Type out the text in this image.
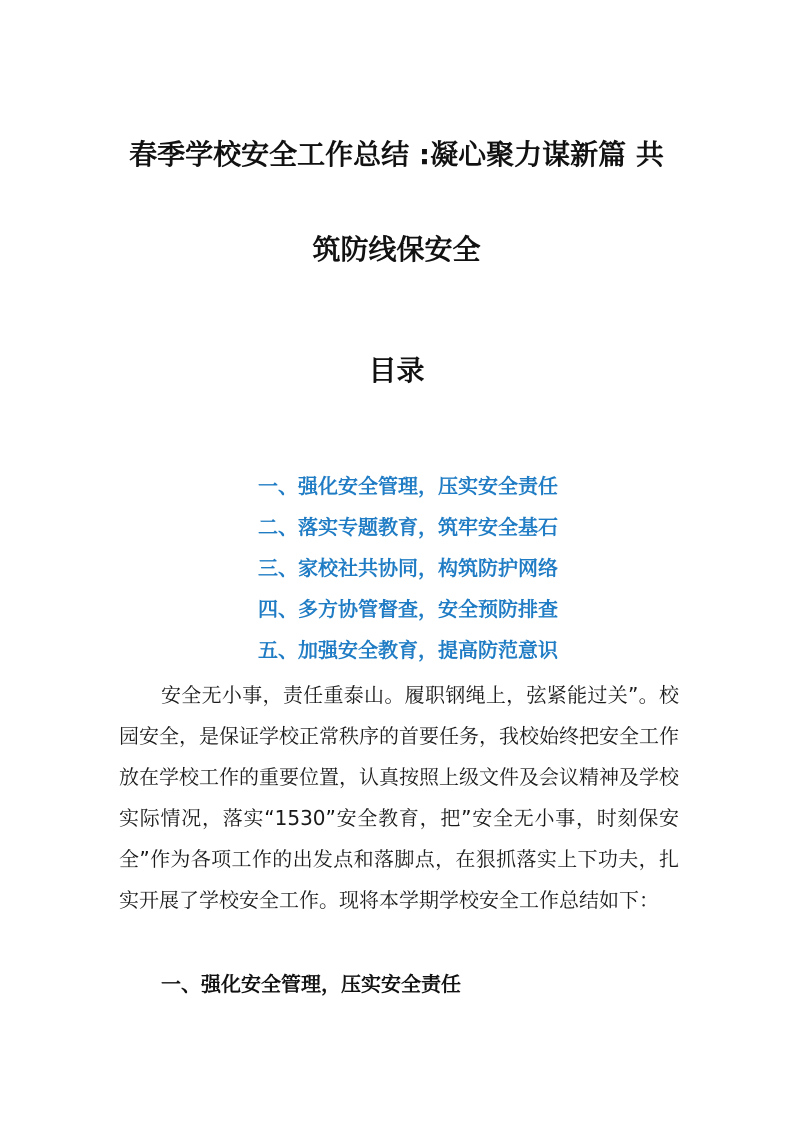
春季学校安全工作总结 :凝心聚力谋新篇 共
筑防线保安全
目录
一、强化安全管理，压实安全责任
二、落实专题教育，筑牢安全基石
三、家校社共协同，构筑防护网络
四、多方协管督查，安全预防排查
五、加强安全教育，提高防范意识

安全无小事，责任重泰山。履职钢绳上，弦紧能过关”。校园安全，是保证学校正常秩序的首要任务，我校始终把安全工作放在学校工作的重要位置，认真按照上级文件及会议精神及学校实际情况，落实“1530”安全教育，把”安全无小事，时刻保安全”作为各项工作的出发点和落脚点，在狠抓落实上下功夫，扎实开展了学校安全工作。现将本学期学校安全工作总结如下：

一、强化安全管理，压实安全责任
